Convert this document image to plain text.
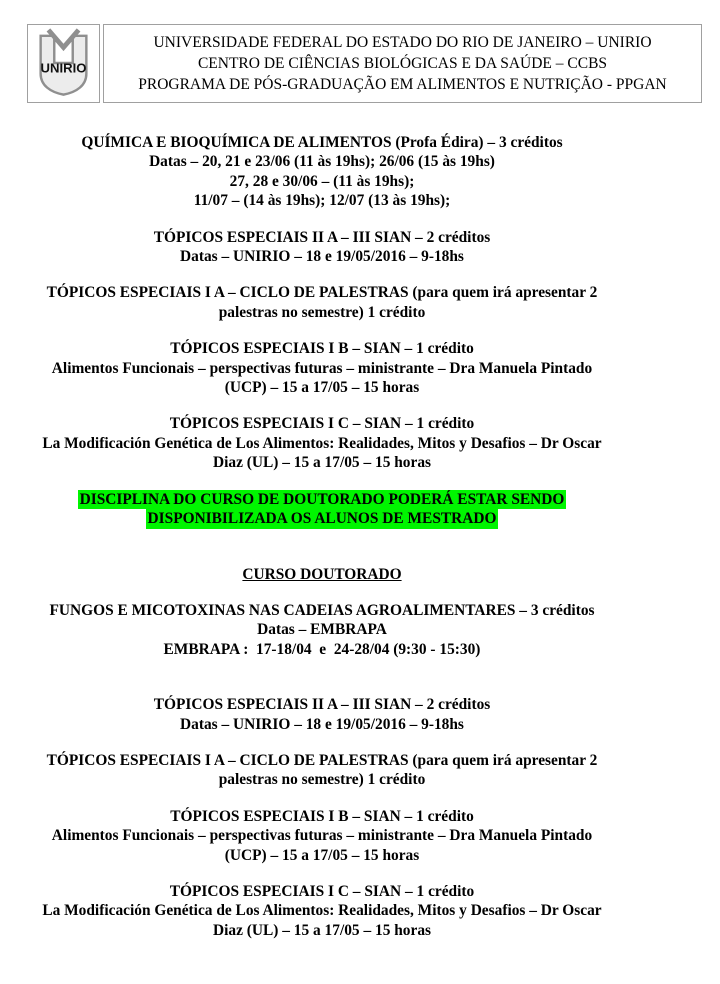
UNIRIO
UNIVERSIDADE FEDERAL DO ESTADO DO RIO DE JANEIRO – UNIRIO
CENTRO DE CIÊNCIAS BIOLÓGICAS E DA SAÚDE – CCBS
PROGRAMA DE PÓS-GRADUAÇÃO EM ALIMENTOS E NUTRIÇÃO - PPGAN
QUÍMICA E BIOQUÍMICA DE ALIMENTOS (Profa Édira) – 3 créditos
Datas – 20, 21 e 23/06 (11 às 19hs); 26/06 (15 às 19hs)
27, 28 e 30/06 – (11 às 19hs);
11/07 – (14 às 19hs); 12/07 (13 às 19hs);
TÓPICOS ESPECIAIS II A – III SIAN – 2 créditos
Datas – UNIRIO – 18 e 19/05/2016 – 9-18hs
TÓPICOS ESPECIAIS I A – CICLO DE PALESTRAS (para quem irá apresentar 2
palestras no semestre) 1 crédito
TÓPICOS ESPECIAIS I B – SIAN – 1 crédito
Alimentos Funcionais – perspectivas futuras – ministrante – Dra Manuela Pintado
(UCP) – 15 a 17/05 – 15 horas
TÓPICOS ESPECIAIS I C – SIAN – 1 crédito
La Modificación Genética de Los Alimentos: Realidades, Mitos y Desafios – Dr Oscar
Diaz (UL) – 15 a 17/05 – 15 horas
DISCIPLINA DO CURSO DE DOUTORADO PODERÁ ESTAR SENDO
DISPONIBILIZADA OS ALUNOS DE MESTRADO
CURSO DOUTORADO
FUNGOS E MICOTOXINAS NAS CADEIAS AGROALIMENTARES – 3 créditos
Datas – EMBRAPA
EMBRAPA :  17-18/04  e  24-28/04 (9:30 - 15:30)
TÓPICOS ESPECIAIS II A – III SIAN – 2 créditos
Datas – UNIRIO – 18 e 19/05/2016 – 9-18hs
TÓPICOS ESPECIAIS I A – CICLO DE PALESTRAS (para quem irá apresentar 2
palestras no semestre) 1 crédito
TÓPICOS ESPECIAIS I B – SIAN – 1 crédito
Alimentos Funcionais – perspectivas futuras – ministrante – Dra Manuela Pintado
(UCP) – 15 a 17/05 – 15 horas
TÓPICOS ESPECIAIS I C – SIAN – 1 crédito
La Modificación Genética de Los Alimentos: Realidades, Mitos y Desafios – Dr Oscar
Diaz (UL) – 15 a 17/05 – 15 horas
